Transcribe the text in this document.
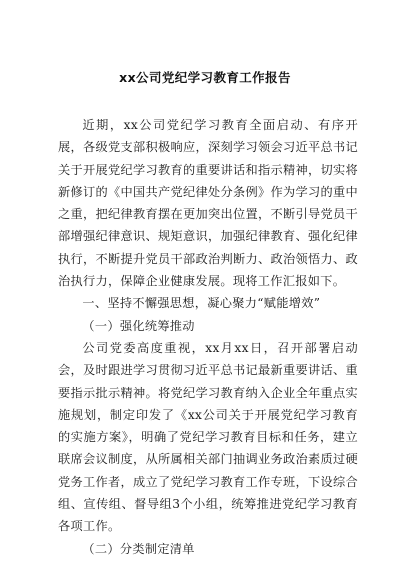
xx公司党纪学习教育工作报告

近期，xx公司党纪学习教育全面启动、有序开展，各级党支部积极响应，深刻学习领会习近平总书记关于开展党纪学习教育的重要讲话和指示精神，切实将新修订的《中国共产党纪律处分条例》作为学习的重中之重，把纪律教育摆在更加突出位置，不断引导党员干部增强纪律意识、规矩意识，加强纪律教育、强化纪律执行，不断提升党员干部政治判断力、政治领悟力、政治执行力，保障企业健康发展。现将工作汇报如下。

一、坚持不懈强思想，凝心聚力“赋能增效”

（一）强化统筹推动

公司党委高度重视，xx月xx日，召开部署启动会，及时跟进学习贯彻习近平总书记最新重要讲话、重要指示批示精神。将党纪学习教育纳入企业全年重点实施规划，制定印发了《xx公司关于开展党纪学习教育的实施方案》，明确了党纪学习教育目标和任务，建立联席会议制度，从所属相关部门抽调业务政治素质过硬党务工作者，成立了党纪学习教育工作专班，下设综合组、宣传组、督导组3个小组，统筹推进党纪学习教育各项工作。

（二）分类制定清单
